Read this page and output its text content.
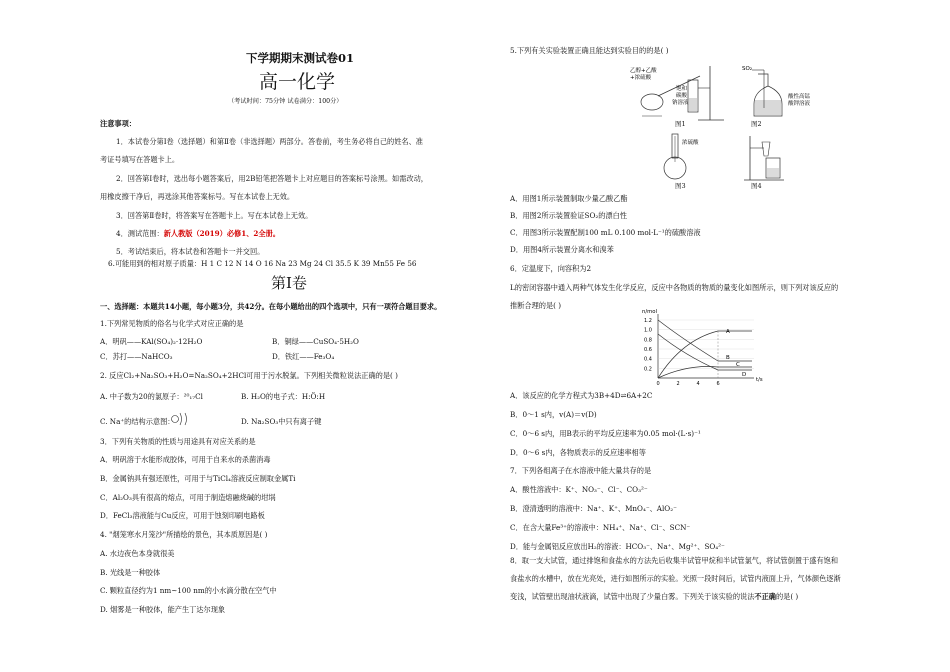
下学期期末测试卷01
高一化学
（考试时间：75分钟 试卷满分：100分）
注意事项：
1．本试卷分第Ⅰ卷（选择题）和第Ⅱ卷（非选择题）两部分。答卷前，考生务必将自己的姓名、准
考证号填写在答题卡上。
2．回答第Ⅰ卷时，选出每小题答案后，用2B铅笔把答题卡上对应题目的答案标号涂黑。如需改动，
用橡皮擦干净后，再选涂其他答案标号。写在本试卷上无效。
3．回答第Ⅱ卷时，将答案写在答题卡上。写在本试卷上无效。
4．测试范围：新人教版（2019）必修1、2全册。
5．考试结束后，将本试卷和答题卡一并交回。
6.可能用到的相对原子质量：H 1 C 12 N 14 O 16 Na 23 Mg 24 Cl 35.5 K 39 Mn55 Fe 56
第Ⅰ卷
一、选择题：本题共14小题，每小题3分，共42分。在每小题给出的四个选项中，只有一项符合题目要求。
1.下列常见物质的俗名与化学式对应正确的是
A．明矾——KAl(SO₄)₂·12H₂O	B．铜绿——CuSO₄·5H₂O
C．苏打——NaHCO₃	D．铁红——Fe₃O₄
2. 反应Cl₂+Na₂SO₃+H₂O=Na₂SO₄+2HCl可用于污水脱氯。下列相关微粒说法正确的是( )
A. 中子数为20的氯原子：²⁰₁₇Cl	B. H₂O的电子式：H:Ö:H
C. Na⁺的结构示意图：	D. Na₂SO₃中只有离子键
3．下列有关物质的性质与用途具有对应关系的是
A．明矾溶于水能形成胶体，可用于自来水的杀菌消毒
B．金属钠具有强还原性，可用于与TiCl₄溶液反应制取金属Ti
C．Al₂O₃具有很高的熔点，可用于制造熔融烧碱的坩埚
D．FeCl₃溶液能与Cu反应，可用于蚀刻印刷电路板
4. "烟笼寒水月笼沙"所描绘的景色，其本质原因是( )
A. 水边夜色本身就很美
B. 光线是一种胶体
C. 颗粒直径约为1 nm~100 nm的小水滴分散在空气中
D. 烟雾是一种胶体，能产生丁达尔现象
5.下列有关实验装置正确且能达到实验目的的是( )
乙醇+乙酸
+浓硫酸
饱和
碳酸
钠溶液
图1
SO₂
酸性高锰
酸钾溶液
图2
浓硫酸
图3	图4
A．用图1所示装置制取少量乙酸乙酯
B．用图2所示装置验证SO₂的漂白性
C．用图3所示装置配制100 mL 0.100 mol·L⁻¹的硫酸溶液
D．用图4所示装置分离水和溴苯
6．定温度下，向容积为2
L的密闭容器中通入两种气体发生化学反应，反应中各物质的物质的量变化如图所示，则下列对该反应的
推断合理的是( )
1.2
1.0
0.8
0.6
0.4
0.2
0	2	4	6
n/mol
t/s
A
B
C
D
A．该反应的化学方程式为3B+4D⇌6A+2C
B．0～1 s内，v(A)＝v(D)
C．0～6 s内，用B表示的平均反应速率为0.05 mol·(L·s)⁻¹
D．0～6 s内，各物质表示的反应速率相等
7．下列各组离子在水溶液中能大量共存的是
A．酸性溶液中：K⁺、NO₃⁻、Cl⁻、CO₃²⁻
B．澄清透明的溶液中：Na⁺、K⁺、MnO₄⁻、AlO₂⁻
C．在含大量Fe³⁺的溶液中：NH₄⁺、Na⁺、Cl⁻、SCN⁻
D．能与金属铝反应放出H₂的溶液：HCO₃⁻、Na⁺、Mg²⁺、SO₄²⁻
8．取一支大试管，通过排饱和食盐水的方法先后收集半试管甲烷和半试管氯气，将试管倒置于盛有饱和
食盐水的水槽中，放在光亮处，进行如图所示的实验。光照一段时间后，试管内液面上升，气体颜色逐渐
变浅，试管壁出现油状液滴，试管中出现了少量白雾。下列关于该实验的说法不正确的是( )
